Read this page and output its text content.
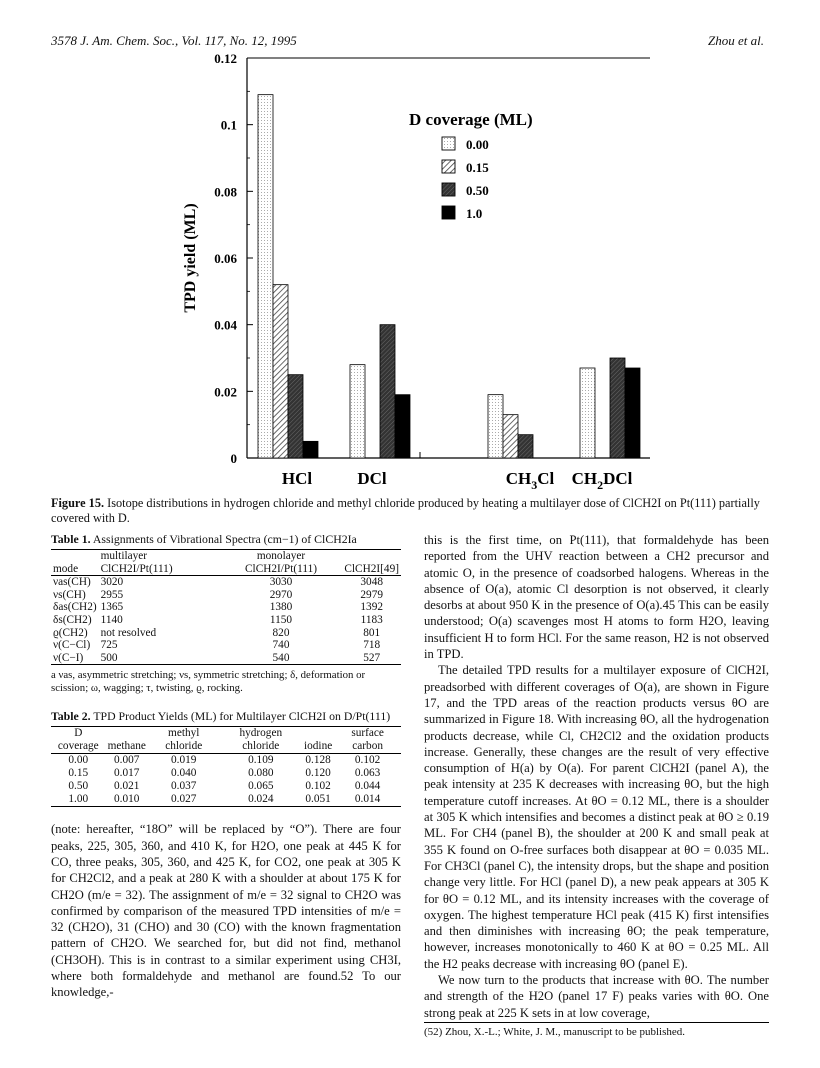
3578 J. Am. Chem. Soc., Vol. 117, No. 12, 1995	Zhou et al.
0
0.02
0.04
0.06
0.08
0.1
0.12
TPD yield (ML)
HCl	DCl	$CH_3Cl$ $CH_2DCl$
D coverage (ML)
0.00
0.15
0.50
1.0
Figure 15. Isotope distributions in hydrogen chloride and methyl chloride produced by heating a multilayer dose of ClCH2I on Pt(111) partially covered with D.
Table 1. Assignments of Vibrational Spectra (cm−1) of ClCH2Ia
mode	multilayer ClCH2I/Pt(111)	monolayer ClCH2I/Pt(111)	ClCH2I[49]
νas(CH)	3020	3030	3048
νs(CH)	2955	2970	2979
δas(CH2)	1365	1380	1392
δs(CH2)	1140	1150	1183
ϱ(CH2)	not resolved	820	801
ν(C−Cl)	725	740	718
ν(C−I)	500	540	527
a νas, asymmetric stretching; νs, symmetric stretching; δ, deformation or scission; ω, wagging; τ, twisting, ϱ, rocking.
Table 2. TPD Product Yields (ML) for Multilayer ClCH2I on D/Pt(111)
D coverage	methane	methyl chloride	hydrogen chloride	iodine	surface carbon
0.00	0.007	0.019	0.109	0.128	0.102
0.15	0.017	0.040	0.080	0.120	0.063
0.50	0.021	0.037	0.065	0.102	0.044
1.00	0.010	0.027	0.024	0.051	0.014
(note: hereafter, “18O” will be replaced by “O”). There are four peaks, 225, 305, 360, and 410 K, for H2O, one peak at 445 K for CO, three peaks, 305, 360, and 425 K, for CO2, one peak at 305 K for CH2Cl2, and a peak at 280 K with a shoulder at about 175 K for CH2O (m/e = 32). The assignment of m/e = 32 signal to CH2O was confirmed by comparison of the measured TPD intensities of m/e = 32 (CH2O), 31 (CHO) and 30 (CO) with the known fragmentation pattern of CH2O. We searched for, but did not find, methanol (CH3OH). This is in contrast to a similar experiment using CH3I, where both formaldehyde and methanol are found.52 To our knowledge,-

this is the first time, on Pt(111), that formaldehyde has been reported from the UHV reaction between a CH2 precursor and atomic O, in the presence of coadsorbed halogens. Whereas in the absence of O(a), atomic Cl desorption is not observed, it clearly desorbs at about 950 K in the presence of O(a).45 This can be easily understood; O(a) scavenges most H atoms to form H2O, leaving insufficient H to form HCl. For the same reason, H2 is not observed in TPD.

The detailed TPD results for a multilayer exposure of ClCH2I, preadsorbed with different coverages of O(a), are shown in Figure 17, and the TPD areas of the reaction products versus θO are summarized in Figure 18. With increasing θO, all the hydrogenation products decrease, while Cl, CH2Cl2 and the oxidation products increase. Generally, these changes are the result of very effective consumption of H(a) by O(a). For parent ClCH2I (panel A), the peak intensity at 235 K decreases with increasing θO, but the high temperature cutoff increases. At θO = 0.12 ML, there is a shoulder at 305 K which intensifies and becomes a distinct peak at θO ≥ 0.19 ML. For CH4 (panel B), the shoulder at 200 K and small peak at 355 K found on O-free surfaces both disappear at θO = 0.035 ML. For CH3Cl (panel C), the intensity drops, but the shape and position change very little. For HCl (panel D), a new peak appears at 305 K for θO = 0.12 ML, and its intensity increases with the coverage of oxygen. The highest temperature HCl peak (415 K) first intensifies and then diminishes with increasing θO; the peak temperature, however, increases monotonically to 460 K at θO = 0.25 ML. All the H2 peaks decrease with increasing θO (panel E).

We now turn to the products that increase with θO. The number and strength of the H2O (panel 17 F) peaks varies with θO. One strong peak at 225 K sets in at low coverage,

(52) Zhou, X.-L.; White, J. M., manuscript to be published.
